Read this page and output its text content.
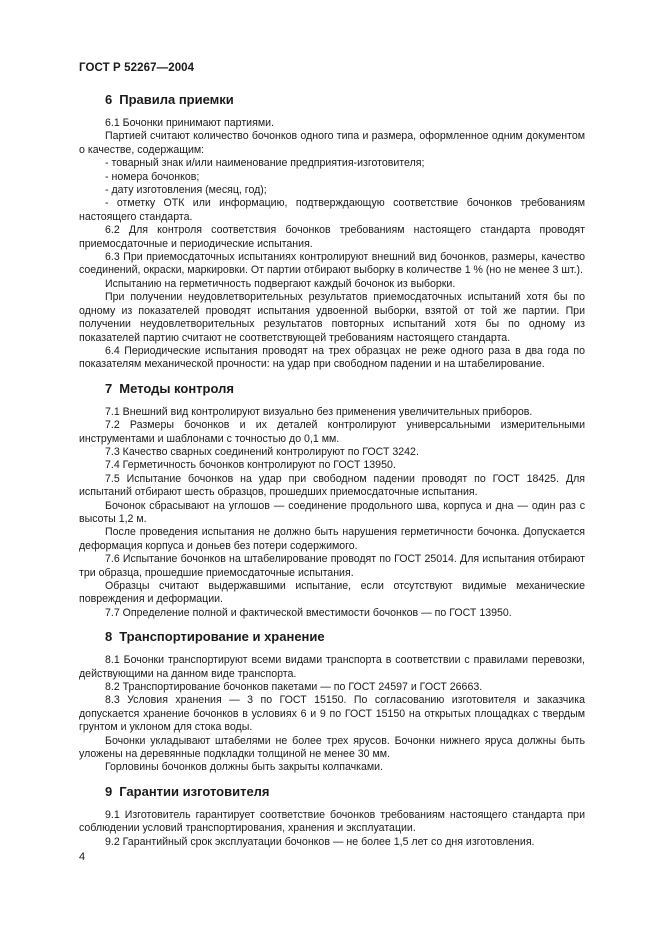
ГОСТ Р 52267—2004
6 Правила приемки

6.1 Бочонки принимают партиями.

Партией считают количество бочонков одного типа и размера, оформленное одним документом о качестве, содержащим:

- товарный знак и/или наименование предприятия-изготовителя;

- номера бочонков;

- дату изготовления (месяц, год);

- отметку ОТК или информацию, подтверждающую соответствие бочонков требованиям настоящего стандарта.

6.2 Для контроля соответствия бочонков требованиям настоящего стандарта проводят приемосдаточные и периодические испытания.

6.3 При приемосдаточных испытаниях контролируют внешний вид бочонков, размеры, качество соединений, окраски, маркировки. От партии отбирают выборку в количестве 1 % (но не менее 3 шт.).

Испытанию на герметичность подвергают каждый бочонок из выборки.

При получении неудовлетворительных результатов приемосдаточных испытаний хотя бы по одному из показателей проводят испытания удвоенной выборки, взятой от той же партии. При получении неудовлетворительных результатов повторных испытаний хотя бы по одному из показателей партию считают не соответствующей требованиям настоящего стандарта.

6.4 Периодические испытания проводят на трех образцах не реже одного раза в два года по показателям механической прочности: на удар при свободном падении и на штабелирование.

7 Методы контроля

7.1 Внешний вид контролируют визуально без применения увеличительных приборов.

7.2 Размеры бочонков и их деталей контролируют универсальными измерительными инструментами и шаблонами с точностью до 0,1 мм.

7.3 Качество сварных соединений контролируют по ГОСТ 3242.

7.4 Герметичность бочонков контролируют по ГОСТ 13950.

7.5 Испытание бочонков на удар при свободном падении проводят по ГОСТ 18425. Для испытаний отбирают шесть образцов, прошедших приемосдаточные испытания.

Бочонок сбрасывают на углошов — соединение продольного шва, корпуса и дна — один раз с высоты 1,2 м.

После проведения испытания не должно быть нарушения герметичности бочонка. Допускается деформация корпуса и доньев без потери содержимого.

7.6 Испытание бочонков на штабелирование проводят по ГОСТ 25014. Для испытания отбирают три образца, прошедшие приемосдаточные испытания.

Образцы считают выдержавшими испытание, если отсутствуют видимые механические повреждения и деформации.

7.7 Определение полной и фактической вместимости бочонков — по ГОСТ 13950.

8 Транспортирование и хранение

8.1 Бочонки транспортируют всеми видами транспорта в соответствии с правилами перевозки, действующими на данном виде транспорта.

8.2 Транспортирование бочонков пакетами — по ГОСТ 24597 и ГОСТ 26663.

8.3 Условия хранения — 3 по ГОСТ 15150. По согласованию изготовителя и заказчика допускается хранение бочонков в условиях 6 и 9 по ГОСТ 15150 на открытых площадках с твердым грунтом и уклоном для стока воды.

Бочонки укладывают штабелями не более трех ярусов. Бочонки нижнего яруса должны быть уложены на деревянные подкладки толщиной не менее 30 мм.

Горловины бочонков должны быть закрыты колпачками.

9 Гарантии изготовителя

9.1 Изготовитель гарантирует соответствие бочонков требованиям настоящего стандарта при соблюдении условий транспортирования, хранения и эксплуатации.

9.2 Гарантийный срок эксплуатации бочонков — не более 1,5 лет со дня изготовления.

4
